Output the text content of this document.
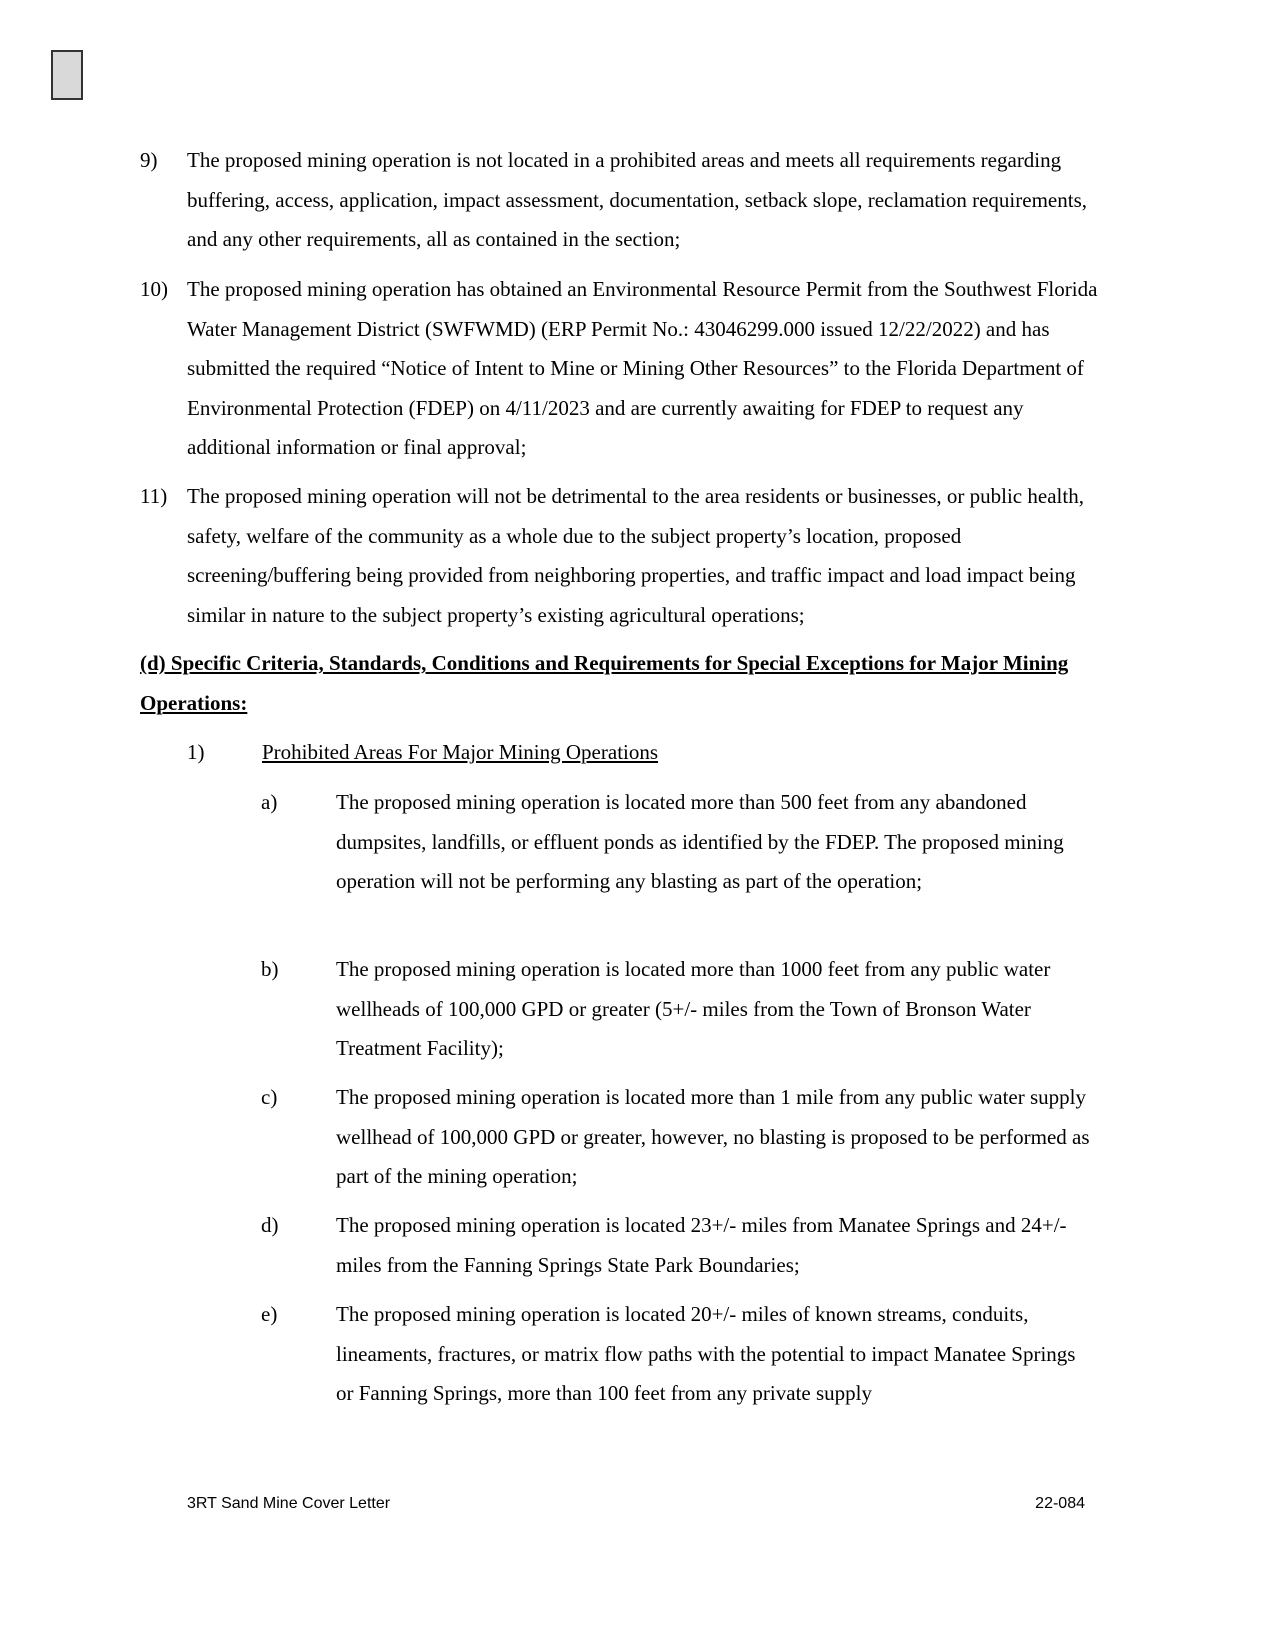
9) The proposed mining operation is not located in a prohibited areas and meets all requirements regarding buffering, access, application, impact assessment, documentation, setback slope, reclamation requirements, and any other requirements, all as contained in the section;
10) The proposed mining operation has obtained an Environmental Resource Permit from the Southwest Florida Water Management District (SWFWMD) (ERP Permit No.: 43046299.000 issued 12/22/2022) and has submitted the required “Notice of Intent to Mine or Mining Other Resources” to the Florida Department of Environmental Protection (FDEP) on 4/11/2023 and are currently awaiting for FDEP to request any additional information or final approval;
11) The proposed mining operation will not be detrimental to the area residents or businesses, or public health, safety, welfare of the community as a whole due to the subject property’s location, proposed screening/buffering being provided from neighboring properties, and traffic impact and load impact being similar in nature to the subject property’s existing agricultural operations;
(d) Specific Criteria, Standards, Conditions and Requirements for Special Exceptions for Major Mining Operations:
1)	Prohibited Areas For Major Mining Operations
a)	The proposed mining operation is located more than 500 feet from any abandoned dumpsites, landfills, or effluent ponds as identified by the FDEP. The proposed mining operation will not be performing any blasting as part of the operation;
b)	The proposed mining operation is located more than 1000 feet from any public water wellheads of 100,000 GPD or greater (5+/- miles from the Town of Bronson Water Treatment Facility);
c)	The proposed mining operation is located more than 1 mile from any public water supply wellhead of 100,000 GPD or greater, however, no blasting is proposed to be performed as part of the mining operation;
d)	The proposed mining operation is located 23+/- miles from Manatee Springs and 24+/- miles from the Fanning Springs State Park Boundaries;
e)	The proposed mining operation is located 20+/- miles of known streams, conduits, lineaments, fractures, or matrix flow paths with the potential to impact Manatee Springs or Fanning Springs, more than 100 feet from any private supply
3RT Sand Mine Cover Letter	22-084
